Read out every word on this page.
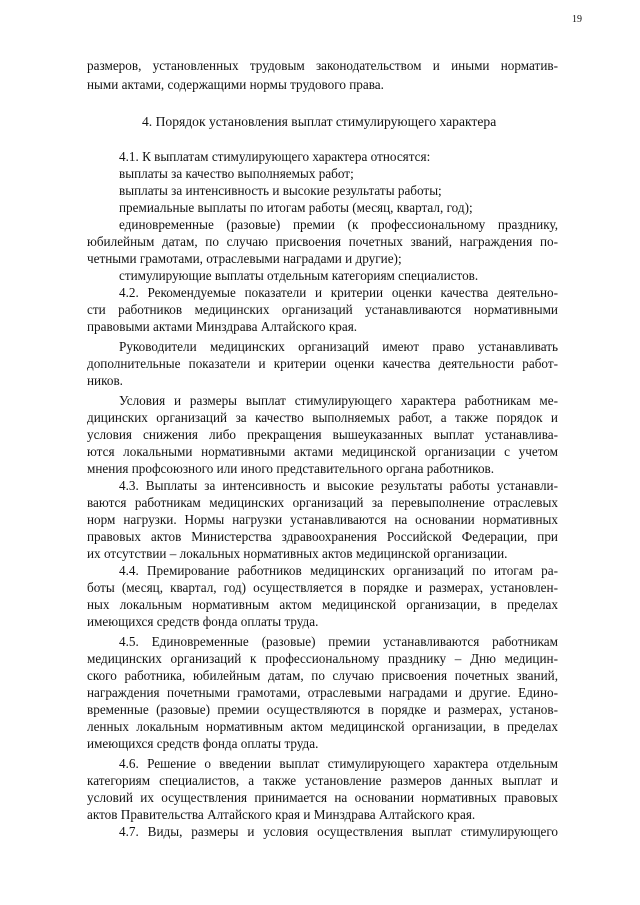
19
размеров, установленных трудовым законодательством и иными норматив-
ными актами, содержащими нормы трудового права.
4. Порядок установления выплат стимулирующего характера
4.1. К выплатам стимулирующего характера относятся:
выплаты за качество выполняемых работ;
выплаты за интенсивность и высокие результаты работы;
премиальные выплаты по итогам работы (месяц, квартал, год);
единовременные (разовые) премии (к профессиональному празднику,
юбилейным датам, по случаю присвоения почетных званий, награждения по-
четными грамотами, отраслевыми наградами и другие);
стимулирующие выплаты отдельным категориям специалистов.
4.2. Рекомендуемые показатели и критерии оценки качества деятельно-
сти работников медицинских организаций устанавливаются нормативными
правовыми актами Минздрава Алтайского края.
Руководители медицинских организаций имеют право устанавливать
дополнительные показатели и критерии оценки качества деятельности работ-
ников.
Условия и размеры выплат стимулирующего характера работникам ме-
дицинских организаций за качество выполняемых работ, а также порядок и
условия снижения либо прекращения вышеуказанных выплат устанавлива-
ются локальными нормативными актами медицинской организации с учетом
мнения профсоюзного или иного представительного органа работников.
4.3. Выплаты за интенсивность и высокие результаты работы устанавли-
ваются работникам медицинских организаций за перевыполнение отраслевых
норм нагрузки. Нормы нагрузки устанавливаются на основании нормативных
правовых актов Министерства здравоохранения Российской Федерации, при
их отсутствии – локальных нормативных актов медицинской организации.
4.4. Премирование работников медицинских организаций по итогам ра-
боты (месяц, квартал, год) осуществляется в порядке и размерах, установлен-
ных локальным нормативным актом медицинской организации, в пределах
имеющихся средств фонда оплаты труда.
4.5. Единовременные (разовые) премии устанавливаются работникам
медицинских организаций к профессиональному празднику – Дню медицин-
ского работника, юбилейным датам, по случаю присвоения почетных званий,
награждения почетными грамотами, отраслевыми наградами и другие. Едино-
временные (разовые) премии осуществляются в порядке и размерах, установ-
ленных локальным нормативным актом медицинской организации, в пределах
имеющихся средств фонда оплаты труда.
4.6. Решение о введении выплат стимулирующего характера отдельным
категориям специалистов, а также установление размеров данных выплат и
условий их осуществления принимается на основании нормативных правовых
актов Правительства Алтайского края и Минздрава Алтайского края.
4.7. Виды, размеры и условия осуществления выплат стимулирующего
